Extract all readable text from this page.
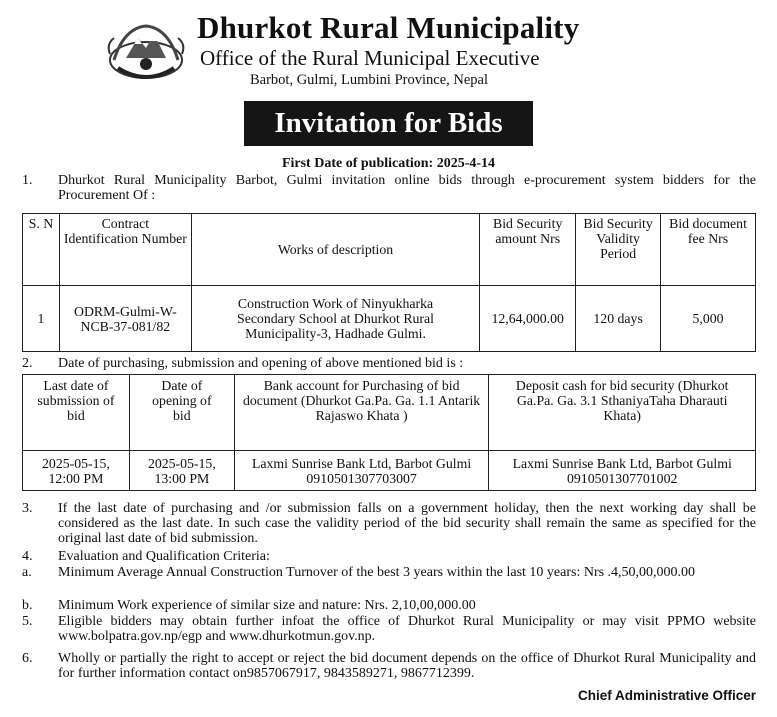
Dhurkot Rural Municipality
Office of the Rural Municipal Executive
Barbot, Gulmi, Lumbini Province, Nepal
Invitation for Bids
First Date of publication: 2025-4-14
1. Dhurkot Rural Municipality Barbot, Gulmi invitation online bids through e-procurement system bidders for the Procurement Of :
S. N	Contract Identification Number	Works of description	Bid Security amount Nrs	Bid Security Validity Period	Bid document fee Nrs
1	ODRM-Gulmi-W-NCB-37-081/82	Construction Work of Ninyukharka Secondary School at Dhurkot Rural Municipality-3, Hadhade Gulmi.	12,64,000.00	120 days	5,000
2. Date of purchasing, submission and opening of above mentioned bid is :
Last date of submission of bid	Date of opening of bid	Bank account for Purchasing of bid document (Dhurkot Ga.Pa. Ga. 1.1 Antarik Rajaswo Khata )	Deposit cash for bid security (Dhurkot Ga.Pa. Ga. 3.1 SthaniyaTaha Dharauti Khata)
2025-05-15, 12:00 PM	2025-05-15, 13:00 PM	Laxmi Sunrise Bank Ltd, Barbot Gulmi 0910501307703007	Laxmi Sunrise Bank Ltd, Barbot Gulmi 0910501307701002
3. If the last date of purchasing and /or submission falls on a government holiday, then the next working day shall be considered as the last date. In such case the validity period of the bid security shall remain the same as specified for the original last date of bid submission.
4. Evaluation and Qualification Criteria:
a. Minimum Average Annual Construction Turnover of the best 3 years within the last 10 years: Nrs .4,50,00,000.00
b. Minimum Work experience of similar size and nature: Nrs. 2,10,00,000.00
5. Eligible bidders may obtain further infoat the office of Dhurkot Rural Municipality or may visit PPMO website www.bolpatra.gov.np/egp and www.dhurkotmun.gov.np.
6. Wholly or partially the right to accept or reject the bid document depends on the office of Dhurkot Rural Municipality and for further information contact on9857067917, 9843589271, 9867712399.
Chief Administrative Officer
